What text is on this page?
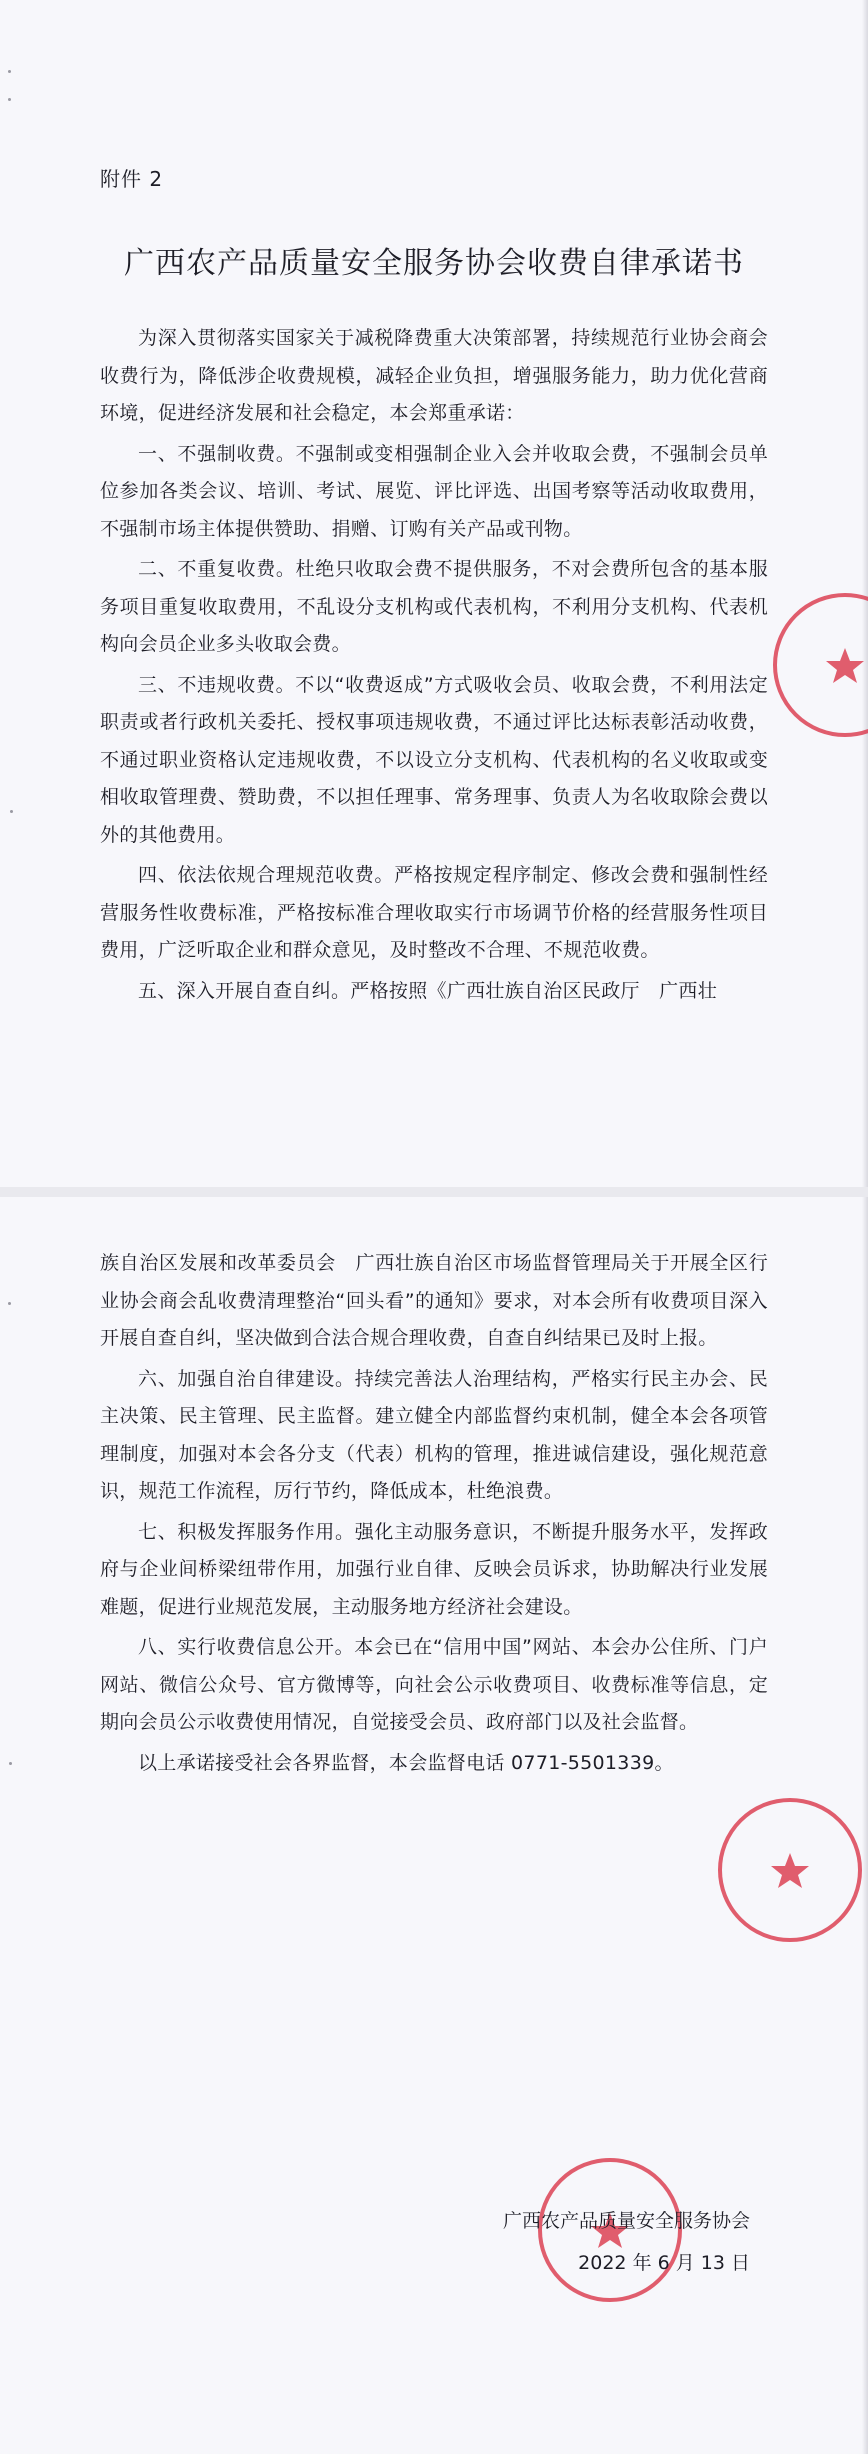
附件 2
广西农产品质量安全服务协会收费自律承诺书

为深入贯彻落实国家关于减税降费重大决策部署，持续规范行业协会商会收费行为，降低涉企收费规模，减轻企业负担，增强服务能力，助力优化营商环境，促进经济发展和社会稳定，本会郑重承诺：

一、不强制收费。不强制或变相强制企业入会并收取会费，不强制会员单位参加各类会议、培训、考试、展览、评比评选、出国考察等活动收取费用，不强制市场主体提供赞助、捐赠、订购有关产品或刊物。

二、不重复收费。杜绝只收取会费不提供服务，不对会费所包含的基本服务项目重复收取费用，不乱设分支机构或代表机构，不利用分支机构、代表机构向会员企业多头收取会费。

三、不违规收费。不以“收费返成”方式吸收会员、收取会费，不利用法定职责或者行政机关委托、授权事项违规收费，不通过评比达标表彰活动收费，不通过职业资格认定违规收费，不以设立分支机构、代表机构的名义收取或变相收取管理费、赞助费，不以担任理事、常务理事、负责人为名收取除会费以外的其他费用。

四、依法依规合理规范收费。严格按规定程序制定、修改会费和强制性经营服务性收费标准，严格按标准合理收取实行市场调节价格的经营服务性项目费用，广泛听取企业和群众意见，及时整改不合理、不规范收费。

五、深入开展自查自纠。严格按照《广西壮族自治区民政厅　广西壮

族自治区发展和改革委员会　广西壮族自治区市场监督管理局关于开展全区行业协会商会乱收费清理整治“回头看”的通知》要求，对本会所有收费项目深入开展自查自纠，坚决做到合法合规合理收费，自查自纠结果已及时上报。

六、加强自治自律建设。持续完善法人治理结构，严格实行民主办会、民主决策、民主管理、民主监督。建立健全内部监督约束机制，健全本会各项管理制度，加强对本会各分支（代表）机构的管理，推进诚信建设，强化规范意识，规范工作流程，厉行节约，降低成本，杜绝浪费。

七、积极发挥服务作用。强化主动服务意识，不断提升服务水平，发挥政府与企业间桥梁纽带作用，加强行业自律、反映会员诉求，协助解决行业发展难题，促进行业规范发展，主动服务地方经济社会建设。

八、实行收费信息公开。本会已在“信用中国”网站、本会办公住所、门户网站、微信公众号、官方微博等，向社会公示收费项目、收费标准等信息，定期向会员公示收费使用情况，自觉接受会员、政府部门以及社会监督。

以上承诺接受社会各界监督，本会监督电话 0771-5501339。

广西农产品质量安全服务协会
2022 年 6 月 13 日
